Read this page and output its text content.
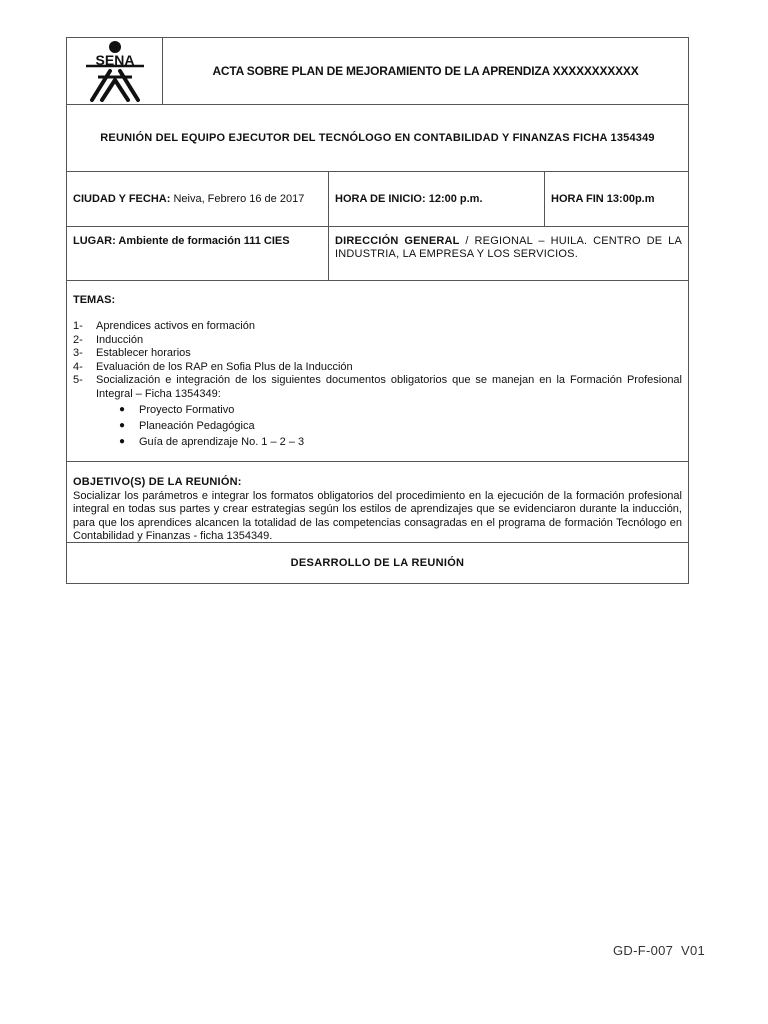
SENA
ACTA SOBRE PLAN DE MEJORAMIENTO DE LA APRENDIZA XXXXXXXXXXX
REUNIÓN DEL EQUIPO EJECUTOR DEL TECNÓLOGO EN CONTABILIDAD Y FINANZAS FICHA 1354349
CIUDAD Y FECHA: Neiva, Febrero 16 de 2017	HORA DE INICIO: 12:00 p.m.	HORA FIN 13:00p.m
LUGAR: Ambiente de formación 111 CIES	DIRECCIÓN GENERAL / REGIONAL – HUILA. CENTRO DE LA INDUSTRIA, LA EMPRESA Y LOS SERVICIOS.
TEMAS:
1-	Aprendices activos en formación
2-	Inducción
3-	Establecer horarios
4-	Evaluación de los RAP en Sofia Plus de la Inducción
5-	Socialización e integración de los siguientes documentos obligatorios que se manejan en la Formación Profesional Integral – Ficha 1354349:
●	Proyecto Formativo
●	Planeación Pedagógica
●	Guía de aprendizaje No. 1 – 2 – 3
OBJETIVO(S) DE LA REUNIÓN:
Socializar los parámetros e integrar los formatos obligatorios del procedimiento en la ejecución de la formación profesional integral en todas sus partes y crear estrategias según los estilos de aprendizajes que se evidenciaron durante la inducción, para que los aprendices alcancen la totalidad de las competencias consagradas en el programa de formación Tecnólogo en Contabilidad y Finanzas - ficha 1354349.
DESARROLLO DE LA REUNIÓN
GD-F-007  V01
